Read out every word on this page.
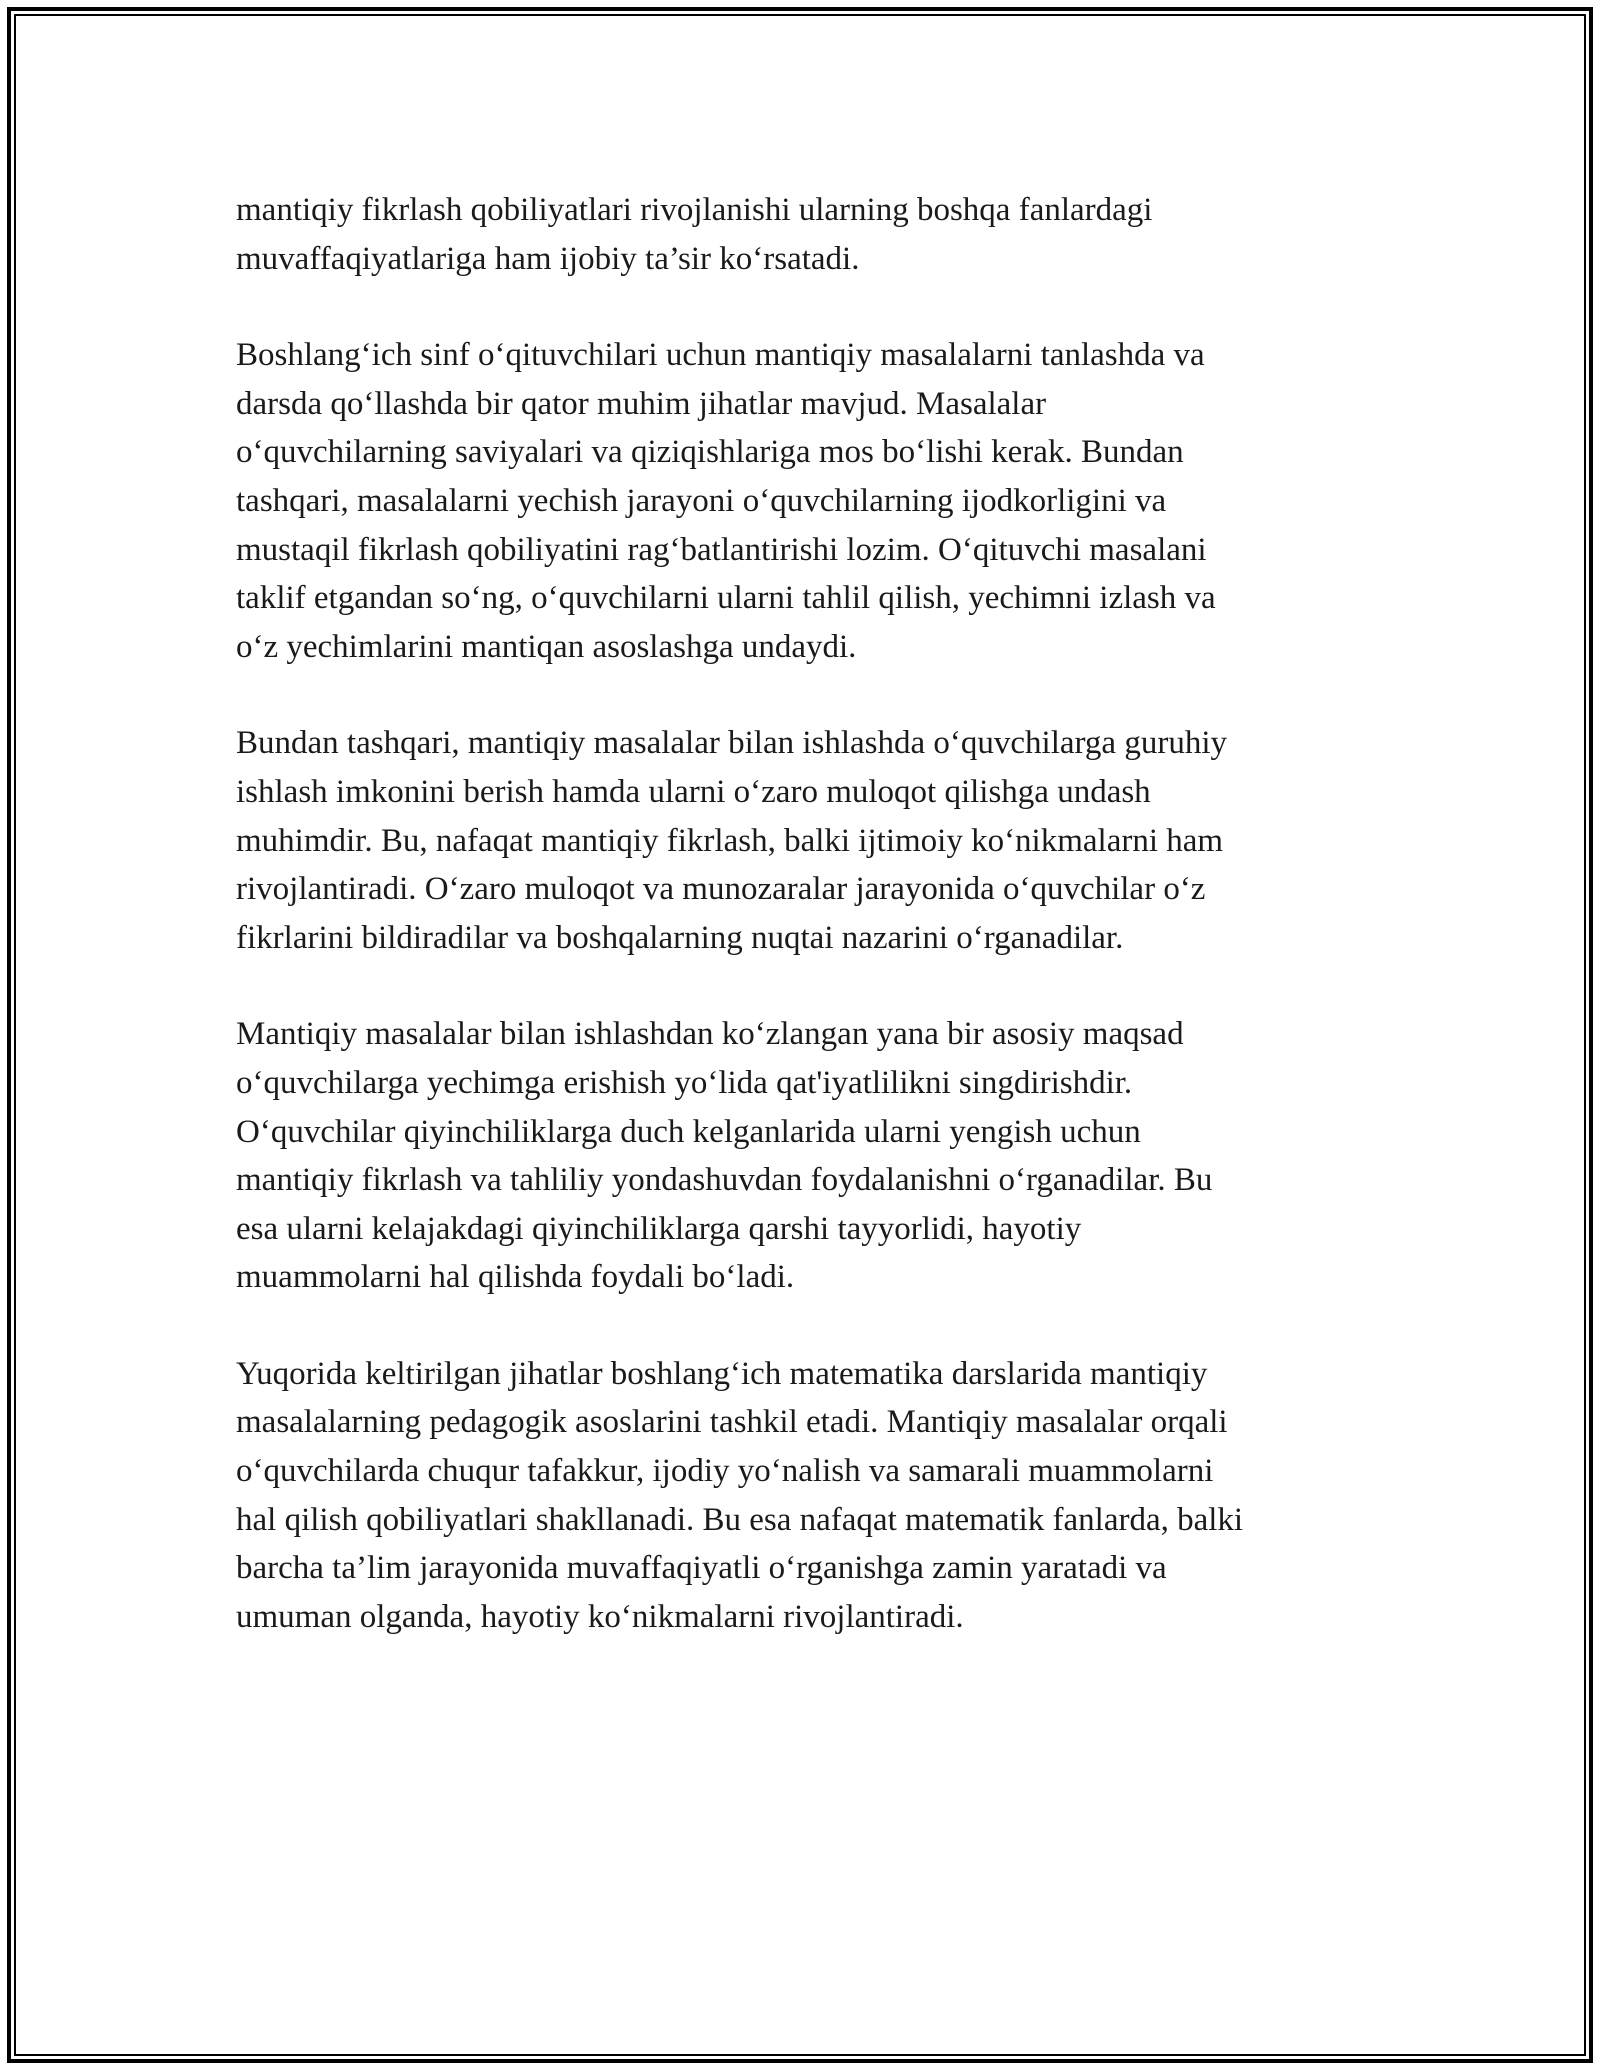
mantiqiy fikrlash qobiliyatlari rivojlanishi ularning boshqa fanlardagi
muvaffaqiyatlariga ham ijobiy ta’sir koʻrsatadi.
Boshlangʻich sinf oʻqituvchilari uchun mantiqiy masalalarni tanlashda va
darsda qoʻllashda bir qator muhim jihatlar mavjud. Masalalar
oʻquvchilarning saviyalari va qiziqishlariga mos boʻlishi kerak. Bundan
tashqari, masalalarni yechish jarayoni oʻquvchilarning ijodkorligini va
mustaqil fikrlash qobiliyatini ragʻbatlantirishi lozim. Oʻqituvchi masalani
taklif etgandan soʻng, oʻquvchilarni ularni tahlil qilish, yechimni izlash va
oʻz yechimlarini mantiqan asoslashga undaydi.
Bundan tashqari, mantiqiy masalalar bilan ishlashda oʻquvchilarga guruhiy
ishlash imkonini berish hamda ularni oʻzaro muloqot qilishga undash
muhimdir. Bu, nafaqat mantiqiy fikrlash, balki ijtimoiy koʻnikmalarni ham
rivojlantiradi. Oʻzaro muloqot va munozaralar jarayonida oʻquvchilar oʻz
fikrlarini bildiradilar va boshqalarning nuqtai nazarini oʻrganadilar.
Mantiqiy masalalar bilan ishlashdan koʻzlangan yana bir asosiy maqsad
oʻquvchilarga yechimga erishish yoʻlida qat'iyatlilikni singdirishdir.
Oʻquvchilar qiyinchiliklarga duch kelganlarida ularni yengish uchun
mantiqiy fikrlash va tahliliy yondashuvdan foydalanishni oʻrganadilar. Bu
esa ularni kelajakdagi qiyinchiliklarga qarshi tayyorlidi, hayotiy
muammolarni hal qilishda foydali boʻladi.
Yuqorida keltirilgan jihatlar boshlangʻich matematika darslarida mantiqiy
masalalarning pedagogik asoslarini tashkil etadi. Mantiqiy masalalar orqali
oʻquvchilarda chuqur tafakkur, ijodiy yoʻnalish va samarali muammolarni
hal qilish qobiliyatlari shakllanadi. Bu esa nafaqat matematik fanlarda, balki
barcha ta’lim jarayonida muvaffaqiyatli oʻrganishga zamin yaratadi va
umuman olganda, hayotiy koʻnikmalarni rivojlantiradi.
